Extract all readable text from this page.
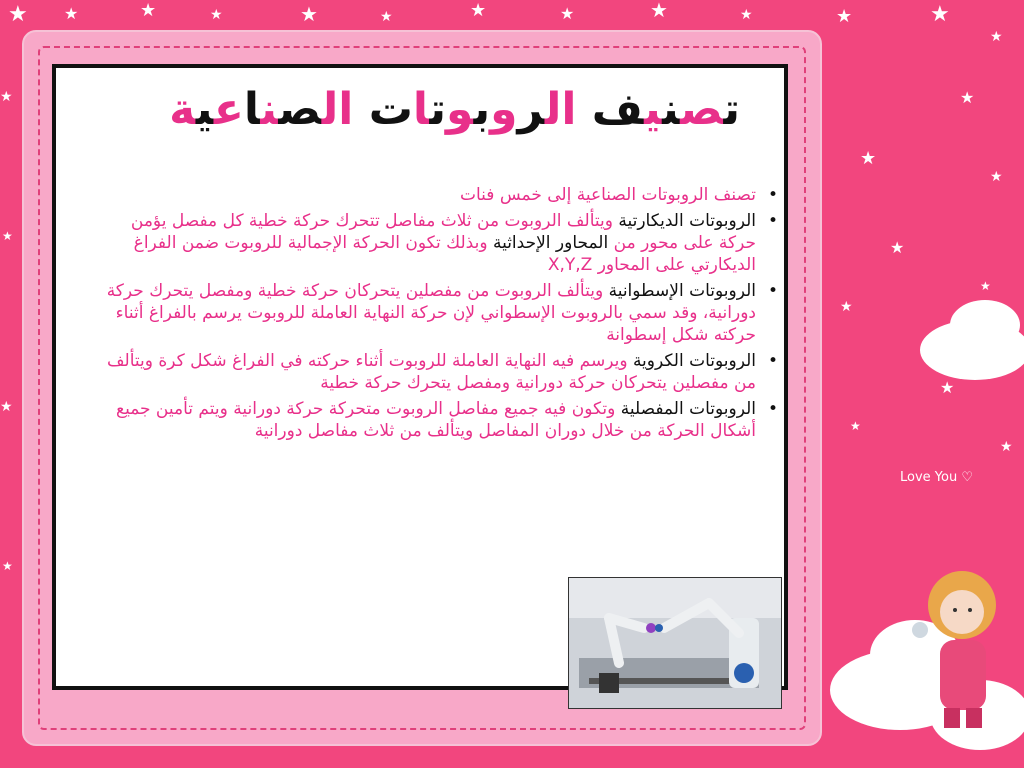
★ ★	★	★	★	★	★	★	★	★	★	★
★
★
★
★
★
★
★
★
★
★
★
★
★
★
Love You ♡
تصنيف الروبوتات الصناعية

• تصنف الروبوتات الصناعية إلى خمس فنات

• الروبوتات الديكارتية ويتألف الروبوت من ثلاث مفاصل تتحرك حركة خطية كل مفصل يؤمن حركة على محور من المحاور الإحداثية وبذلك تكون الحركة الإجمالية للروبوت ضمن الفراغ الديكارتي على المحاور X,Y,Z

• الروبوتات الإسطوانية ويتألف الروبوت من مفصلين يتحركان حركة خطية ومفصل يتحرك حركة دورانية، وقد سمي بالروبوت الإسطواني لإن حركة النهاية العاملة للروبوت يرسم بالفراغ أثناء حركته شكل إسطوانة

• الروبوتات الكروية ويرسم فيه النهاية العاملة للروبوت أثناء حركته في الفراغ شكل كرة ويتألف من مفصلين يتحركان حركة دورانية ومفصل يتحرك حركة خطية

• الروبوتات المفصلية وتكون فيه جميع مفاصل الروبوت متحركة حركة دورانية ويتم تأمين جميع أشكال الحركة من خلال دوران المفاصل ويتألف من ثلاث مفاصل دورانية
